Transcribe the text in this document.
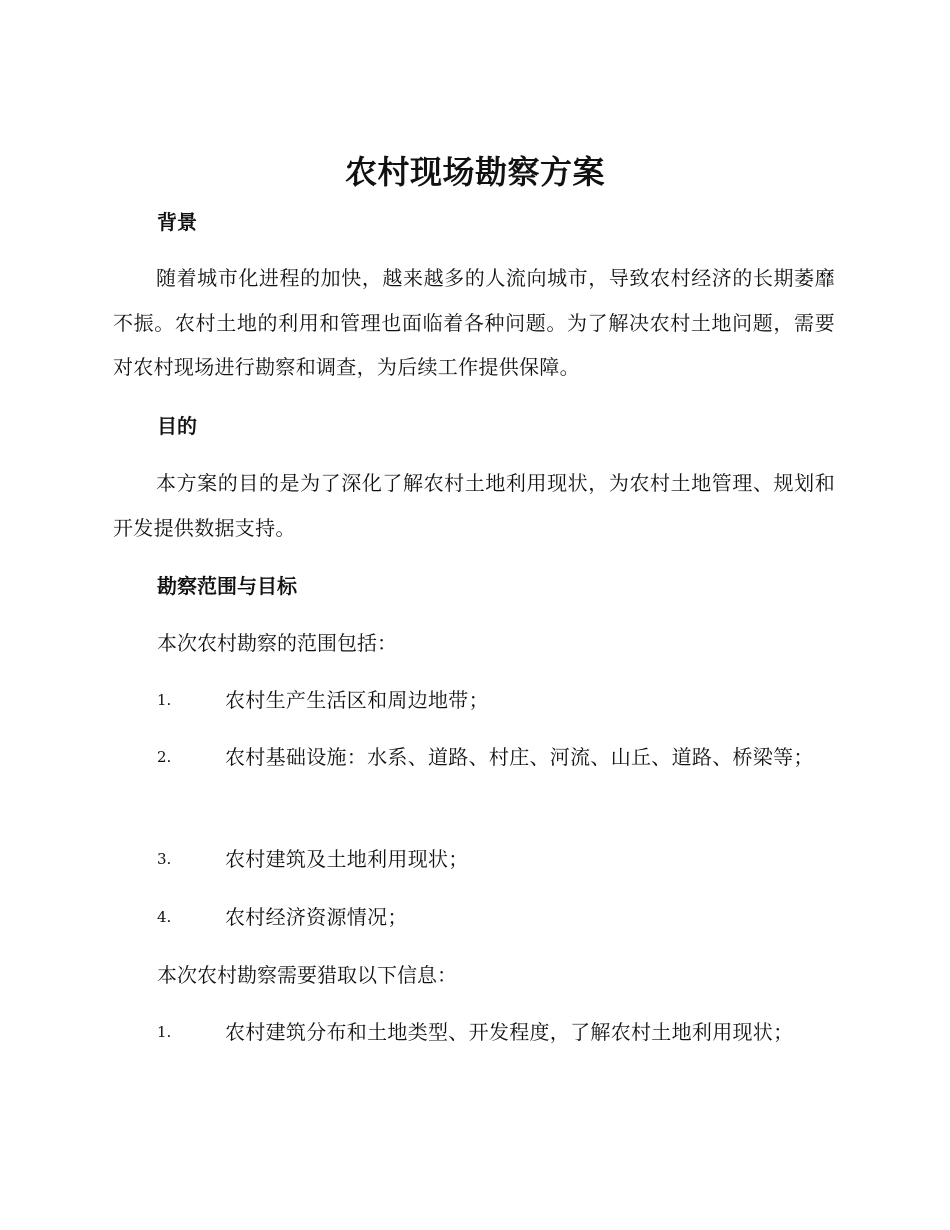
农村现场勘察方案
背景
随着城市化进程的加快，越来越多的人流向城市，导致农村经济的长期萎靡不振。农村土地的利用和管理也面临着各种问题。为了解决农村土地问题，需要对农村现场进行勘察和调查，为后续工作提供保障。
目的
本方案的目的是为了深化了解农村土地利用现状，为农村土地管理、规划和开发提供数据支持。
勘察范围与目标
本次农村勘察的范围包括：
1.	农村生产生活区和周边地带；
2.	农村基础设施：水系、道路、村庄、河流、山丘、道路、桥梁等；
3.	农村建筑及土地利用现状；
4.	农村经济资源情况；
本次农村勘察需要猎取以下信息：
1.	农村建筑分布和土地类型、开发程度，了解农村土地利用现状；
